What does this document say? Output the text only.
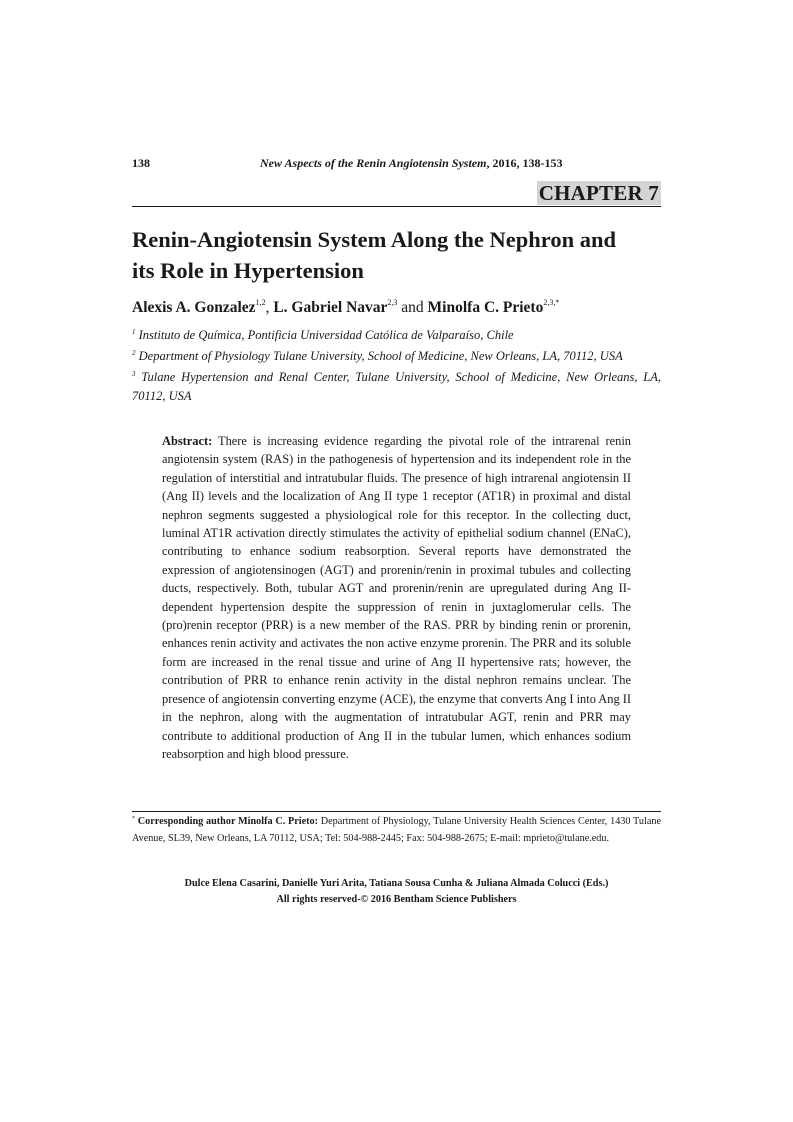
138	New Aspects of the Renin Angiotensin System, 2016, 138-153
CHAPTER 7
Renin-Angiotensin System Along the Nephron and
its Role in Hypertension
Alexis A. Gonzalez$^{1,2}$, L. Gabriel Navar$^{2,3}$ and Minolfa C. Prieto$^{2,3,*}$
$^1$ Instituto de Química, Pontificia Universidad Católica de Valparaíso, Chile
$^2$ Department of Physiology Tulane University, School of Medicine, New Orleans, LA, 70112, USA
$^3$ Tulane Hypertension and Renal Center, Tulane University, School of Medicine, New Orleans, LA, 70112, USA

Abstract: There is increasing evidence regarding the pivotal role of the intrarenal renin angiotensin system (RAS) in the pathogenesis of hypertension and its independent role in the regulation of interstitial and intratubular fluids. The presence of high intrarenal angiotensin II (Ang II) levels and the localization of Ang II type 1 receptor (AT1R) in proximal and distal nephron segments suggested a physiological role for this receptor. In the collecting duct, luminal AT1R activation directly stimulates the activity of epithelial sodium channel (ENaC), contributing to enhance sodium reabsorption. Several reports have demonstrated the expression of angiotensinogen (AGT) and prorenin/renin in proximal tubules and collecting ducts, respectively. Both, tubular AGT and prorenin/renin are upregulated during Ang II-dependent hypertension despite the suppression of renin in juxtaglomerular cells. The (pro)renin receptor (PRR) is a new member of the RAS. PRR by binding renin or prorenin, enhances renin activity and activates the non active enzyme prorenin. The PRR and its soluble form are increased in the renal tissue and urine of Ang II hypertensive rats; however, the contribution of PRR to enhance renin activity in the distal nephron remains unclear. The presence of angiotensin converting enzyme (ACE), the enzyme that converts Ang I into Ang II in the nephron, along with the augmentation of intratubular AGT, renin and PRR may contribute to additional production of Ang II in the tubular lumen, which enhances sodium reabsorption and high blood pressure.

* Corresponding author Minolfa C. Prieto: Department of Physiology, Tulane University Health Sciences Center, 1430 Tulane Avenue, SL39, New Orleans, LA 70112, USA; Tel: 504-988-2445; Fax: 504-988-2675; E-mail: mprieto@tulane.edu.

Dulce Elena Casarini, Danielle Yuri Arita, Tatiana Sousa Cunha & Juliana Almada Colucci (Eds.)
All rights reserved-© 2016 Bentham Science Publishers
